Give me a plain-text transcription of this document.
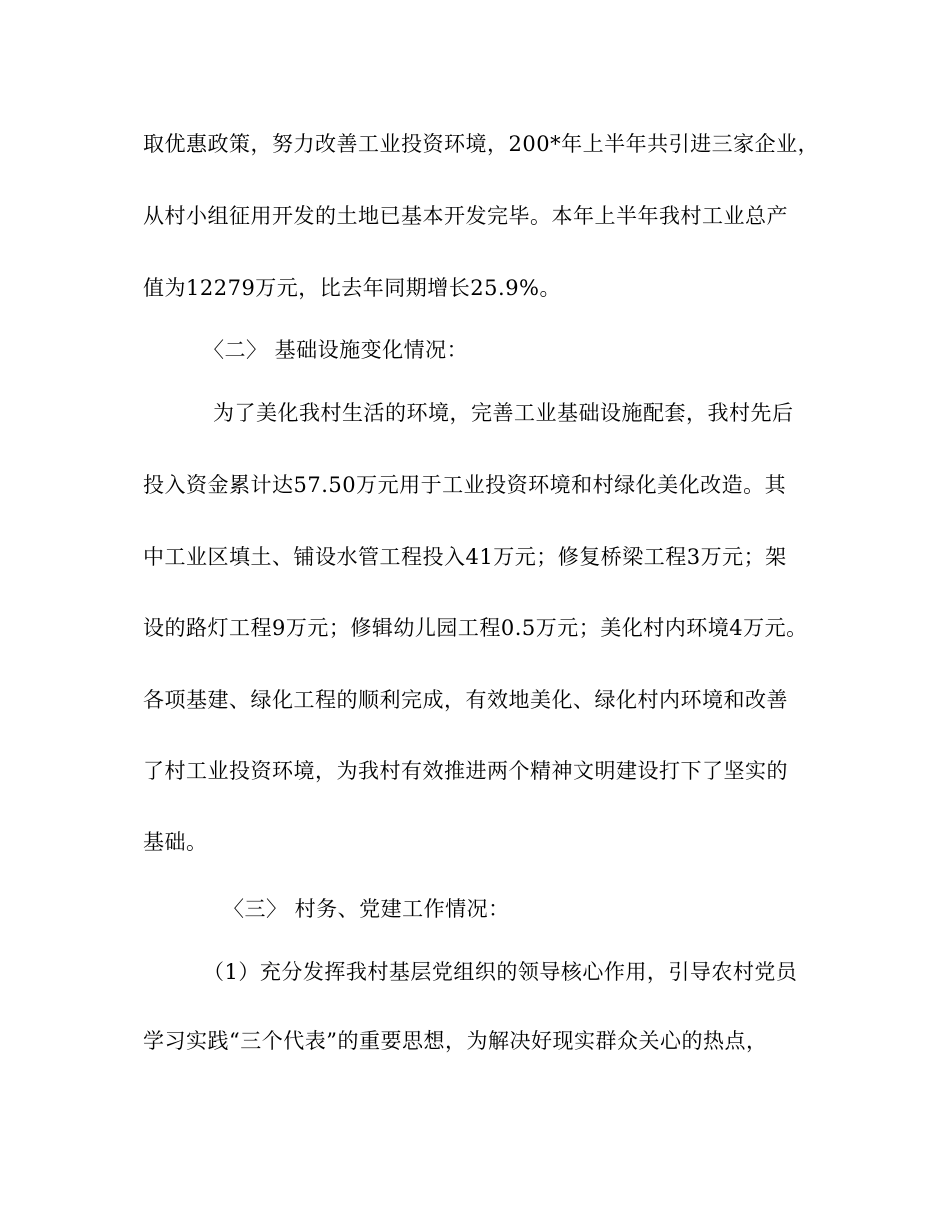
取优惠政策，努力改善工业投资环境，200*年上半年共引进三家企业，
从村小组征用开发的土地已基本开发完毕。本年上半年我村工业总产
值为12279万元，比去年同期增长25.9%。
〈二〉 基础设施变化情况：
为了美化我村生活的环境，完善工业基础设施配套，我村先后
投入资金累计达57.50万元用于工业投资环境和村绿化美化改造。其
中工业区填土、铺设水管工程投入41万元；修复桥梁工程3万元；架
设的路灯工程9万元；修辑幼儿园工程0.5万元；美化村内环境4万元。
各项基建、绿化工程的顺利完成，有效地美化、绿化村内环境和改善
了村工业投资环境，为我村有效推进两个精神文明建设打下了坚实的
基础。
〈三〉 村务、党建工作情况：
（1）充分发挥我村基层党组织的领导核心作用，引导农村党员
学习实践“三个代表”的重要思想，为解决好现实群众关心的热点，
